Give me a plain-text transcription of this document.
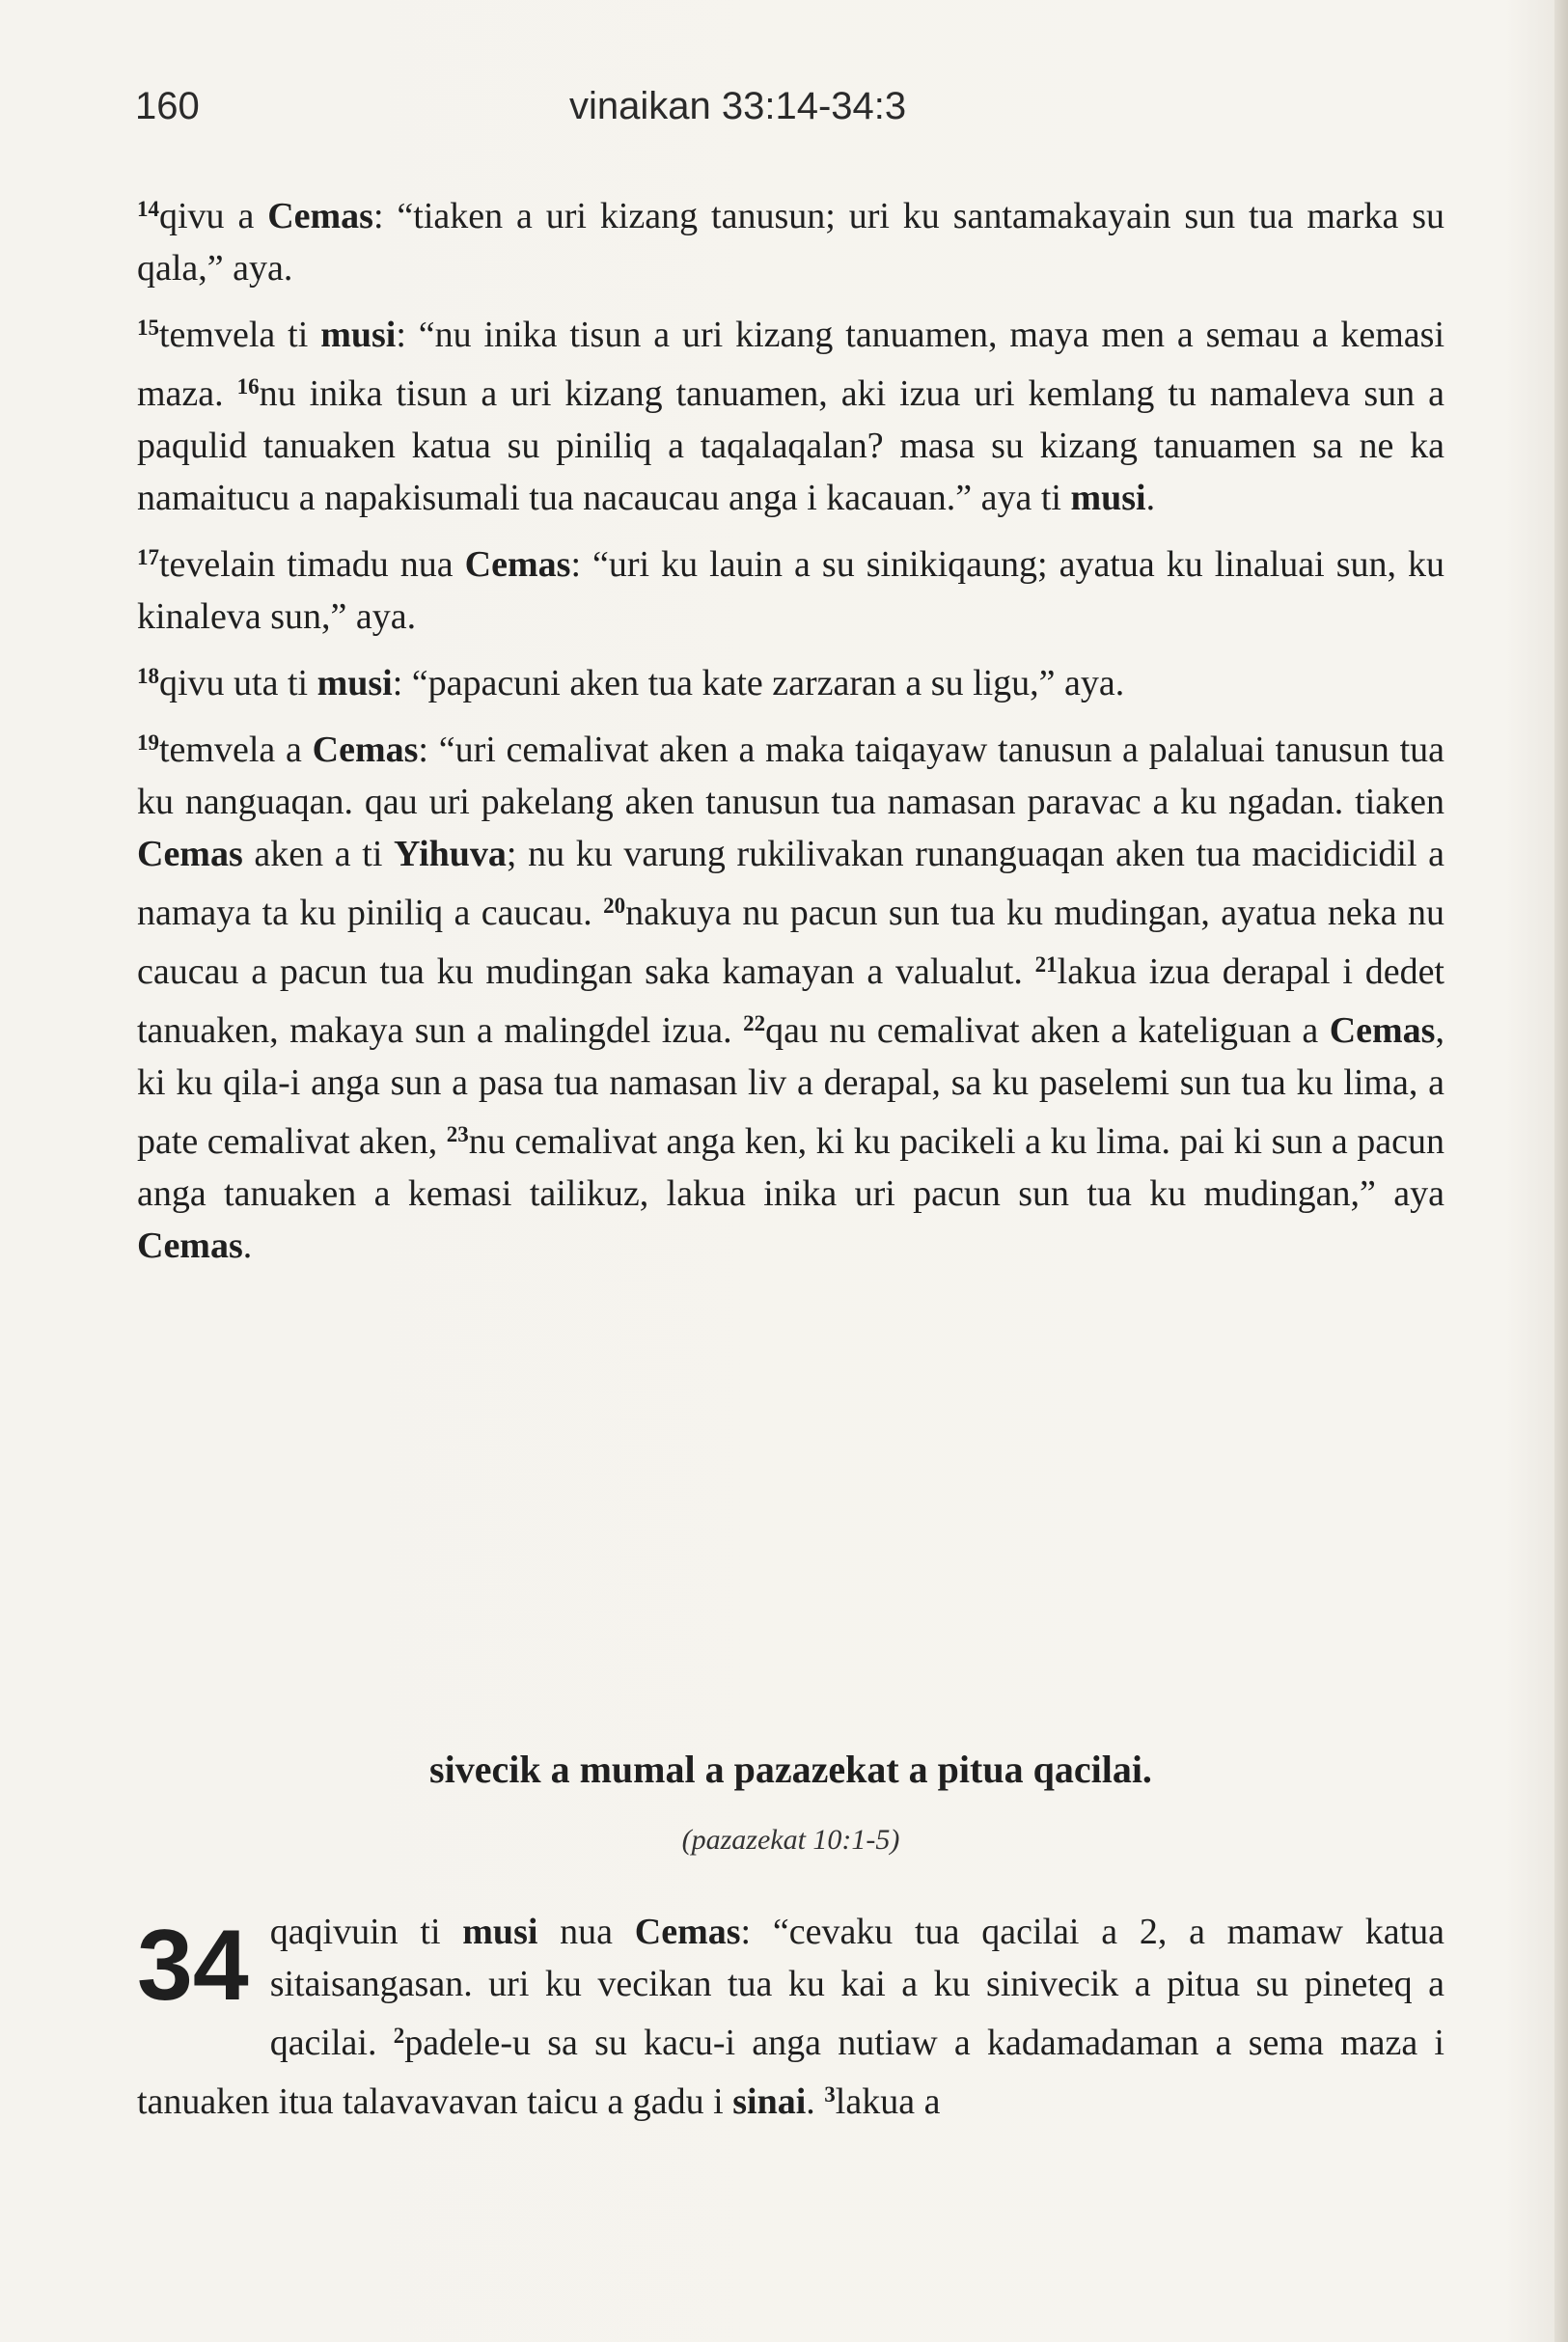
160	vinaikan 33:14-34:3

$^{14}$qivu a Cemas: “tiaken a uri kizang tanusun; uri ku santamakayain sun tua marka su qala,” aya.

$^{15}$temvela ti musi: “nu inika tisun a uri kizang tanuamen, maya men a semau a kemasi maza. $^{16}$nu inika tisun a uri kizang tanuamen, aki izua uri kemlang tu namaleva sun a paqulid tanuaken katua su piniliq a taqalaqalan? masa su kizang tanuamen sa ne ka namaitucu a napakisumali tua nacaucau anga i kacauan.” aya ti musi.

$^{17}$tevelain timadu nua Cemas: “uri ku lauin a su sinikiqaung; ayatua ku linaluai sun, ku kinaleva sun,” aya.

$^{18}$qivu uta ti musi: “papacuni aken tua kate zarzaran a su ligu,” aya.

$^{19}$temvela a Cemas: “uri cemalivat aken a maka taiqayaw tanusun a palaluai tanusun tua ku nanguaqan. qau uri pakelang aken tanusun tua namasan paravac a ku ngadan. tiaken Cemas aken a ti Yihuva; nu ku varung rukilivakan runanguaqan aken tua macidicidil a namaya ta ku piniliq a caucau. $^{20}$nakuya nu pacun sun tua ku mudingan, ayatua neka nu caucau a pacun tua ku mudingan saka kamayan a valualut. $^{21}$lakua izua derapal i dedet tanuaken, makaya sun a malingdel izua. $^{22}$qau nu cemalivat aken a kateliguan a Cemas, ki ku qila-i anga sun a pasa tua namasan liv a derapal, sa ku paselemi sun tua ku lima, a pate cemalivat aken, $^{23}$nu cemalivat anga ken, ki ku pacikeli a ku lima. pai ki sun a pacun anga tanuaken a kemasi tailikuz, lakua inika uri pacun sun tua ku mudingan,” aya Cemas.

sivecik a mumal a pazazekat a pitua qacilai.
(pazazekat 10:1-5)
34 qaqivuin ti musi nua Cemas: “cevaku tua qacilai a 2, a mamaw katua sitaisangasan. uri ku vecikan tua ku kai a ku sinivecik a pitua su pineteq a qacilai. $^2$padele-u sa su kacu-i anga nutiaw a kadamadaman a sema maza i tanuaken itua talavavavan taicu a gadu i sinai. $^3$lakua a
